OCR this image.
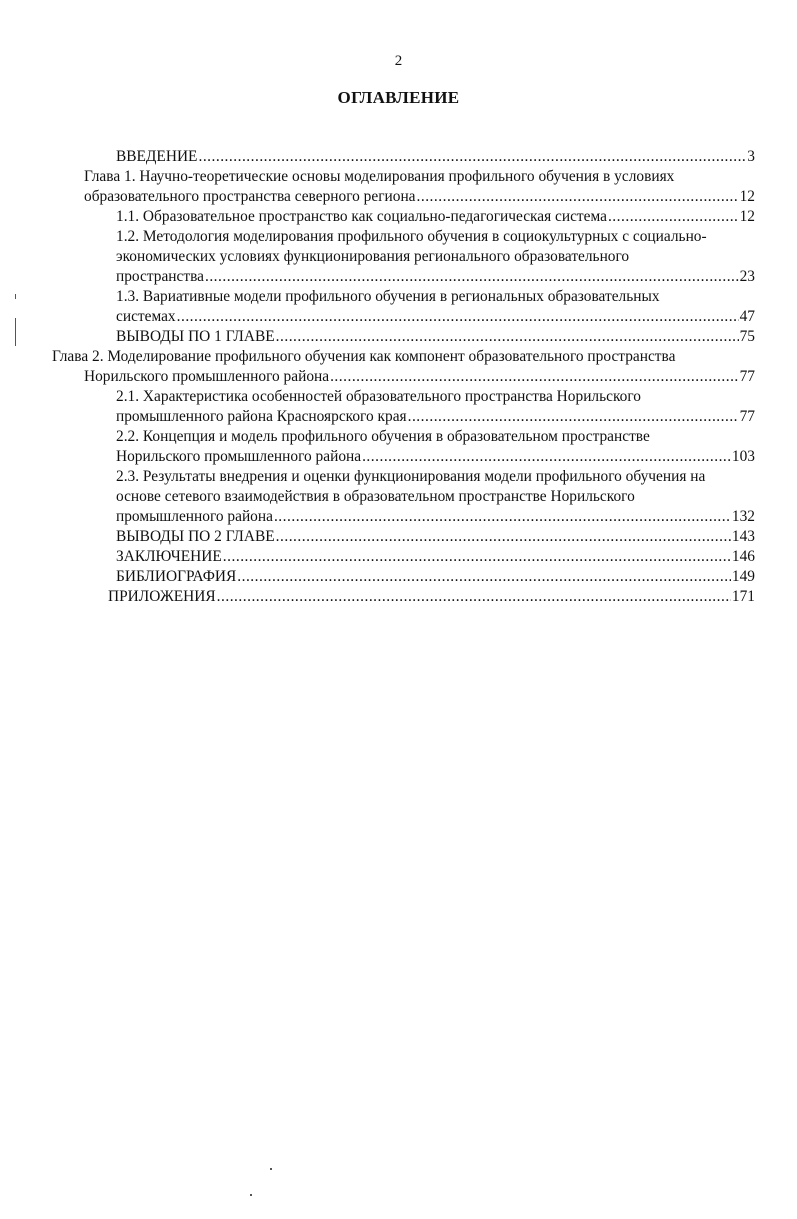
2
ОГЛАВЛЕНИЕ
ВВЕДЕНИЕ .....	3
Глава 1. Научно-теоретические основы моделирования профильного обучения в условиях
образовательного пространства северного региона .....	12
1.1. Образовательное пространство как социально-педагогическая система .....	12
1.2. Методология моделирования профильного обучения в социокультурных с социально-
экономических условиях функционирования регионального образовательного
пространства .....	23
1.3. Вариативные модели профильного обучения в региональных образовательных
системах .....	47
ВЫВОДЫ ПО 1 ГЛАВЕ .....	75
Глава 2. Моделирование профильного обучения как компонент образовательного пространства
Норильского промышленного района .....	77
2.1. Характеристика особенностей образовательного пространства Норильского
промышленного района Красноярского края .....	77
2.2. Концепция и модель профильного обучения в образовательном пространстве
Норильского промышленного района .....	103
2.3. Результаты внедрения и оценки функционирования модели профильного обучения на
основе сетевого взаимодействия в образовательном пространстве Норильского
промышленного района .....	132
ВЫВОДЫ ПО 2 ГЛАВЕ .....	143
ЗАКЛЮЧЕНИЕ .....	146
БИБЛИОГРАФИЯ .....	149
ПРИЛОЖЕНИЯ .....	171
